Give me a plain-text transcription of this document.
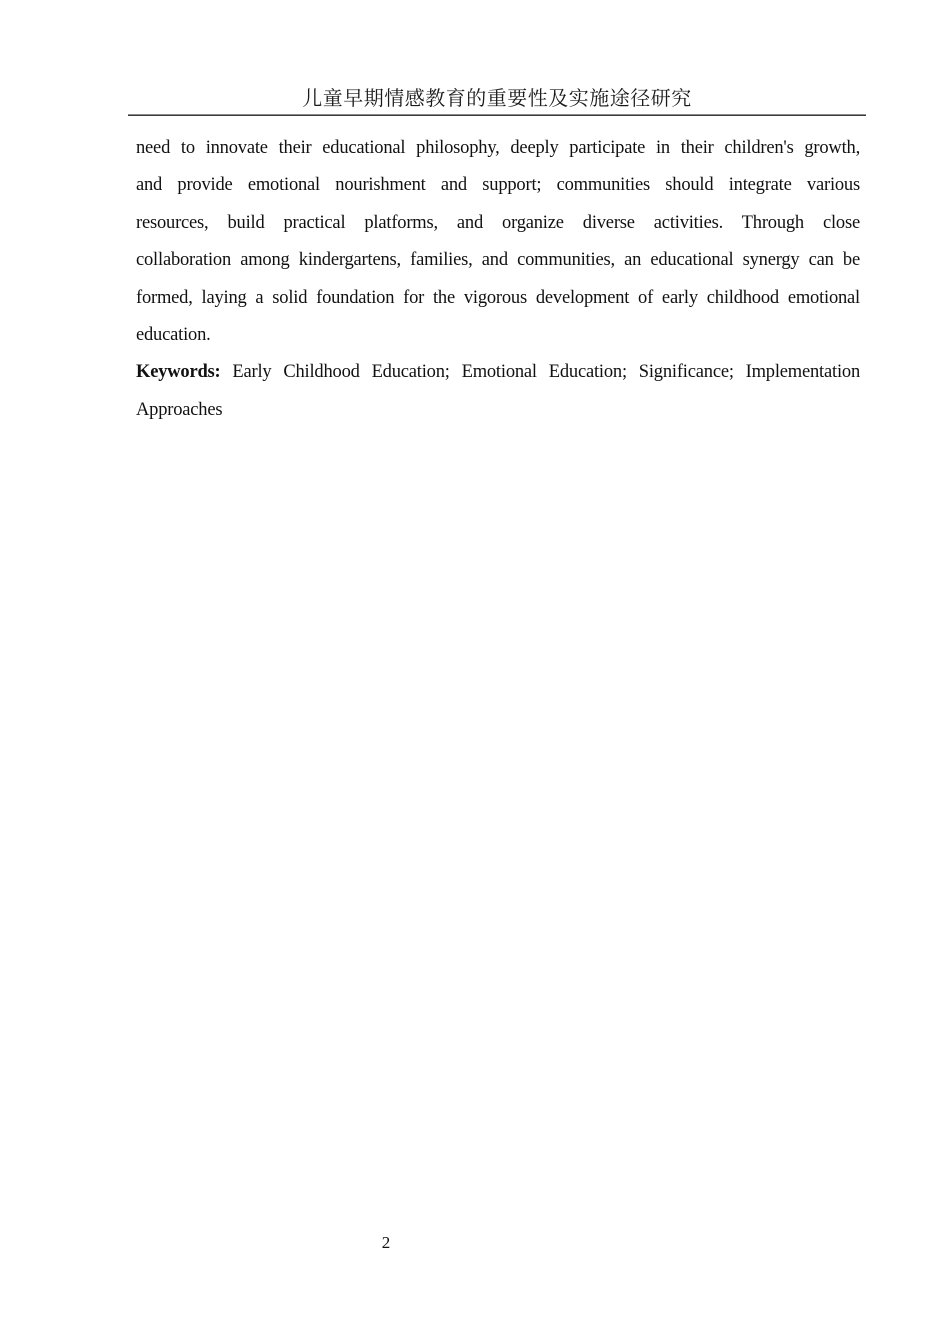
儿童早期情感教育的重要性及实施途径研究
need to innovate their educational philosophy, deeply participate in their children's growth,
and provide emotional nourishment and support; communities should integrate various
resources, build practical platforms, and organize diverse activities. Through close
collaboration among kindergartens, families, and communities, an educational synergy can be
formed, laying a solid foundation for the vigorous development of early childhood emotional
education.
Keywords: Early Childhood Education; Emotional Education; Significance; Implementation
Approaches
2
